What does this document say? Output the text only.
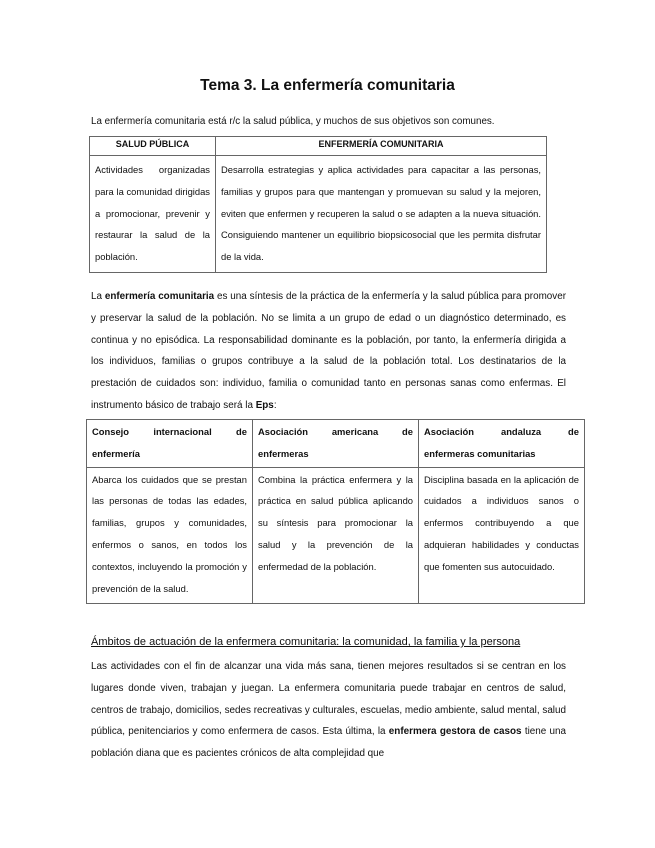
Tema 3. La enfermería comunitaria
La enfermería comunitaria está r/c la salud pública, y muchos de sus objetivos son comunes.
SALUD PÚBLICA	ENFERMERÍA COMUNITARIA
Actividades organizadas para la comunidad dirigidas a promocionar, prevenir y restaurar la salud de la población.	Desarrolla estrategias y aplica actividades para capacitar a las personas, familias y grupos para que mantengan y promuevan su salud y la mejoren, eviten que enfermen y recuperen la salud o se adapten a la nueva situación. Consiguiendo mantener un equilibrio biopsicosocial que les permita disfrutar de la vida.
La enfermería comunitaria es una síntesis de la práctica de la enfermería y la salud pública para promover y preservar la salud de la población. No se limita a un grupo de edad o un diagnóstico determinado, es continua y no episódica. La responsabilidad dominante es la población, por tanto, la enfermería dirigida a los individuos, familias o grupos contribuye a la salud de la población total. Los destinatarios de la prestación de cuidados son: individuo, familia o comunidad tanto en personas sanas como enfermas. El instrumento básico de trabajo será la Eps:
Consejo internacional de enfermería	Asociación americana de enfermeras	Asociación andaluza de enfermeras comunitarias
Abarca los cuidados que se prestan las personas de todas las edades, familias, grupos y comunidades, enfermos o sanos, en todos los contextos, incluyendo la promoción y prevención de la salud.	Combina la práctica enfermera y la práctica en salud pública aplicando su síntesis para promocionar la salud y la prevención de la enfermedad de la población.	Disciplina basada en la aplicación de cuidados a individuos sanos o enfermos contribuyendo a que adquieran habilidades y conductas que fomenten sus autocuidado.
Ámbitos de actuación de la enfermera comunitaria: la comunidad, la familia y la persona
Las actividades con el fin de alcanzar una vida más sana, tienen mejores resultados si se centran en los lugares donde viven, trabajan y juegan. La enfermera comunitaria puede trabajar en centros de salud, centros de trabajo, domicilios, sedes recreativas y culturales, escuelas, medio ambiente, salud mental, salud pública, penitenciarios y como enfermera de casos. Esta última, la enfermera gestora de casos tiene una población diana que es pacientes crónicos de alta complejidad que
